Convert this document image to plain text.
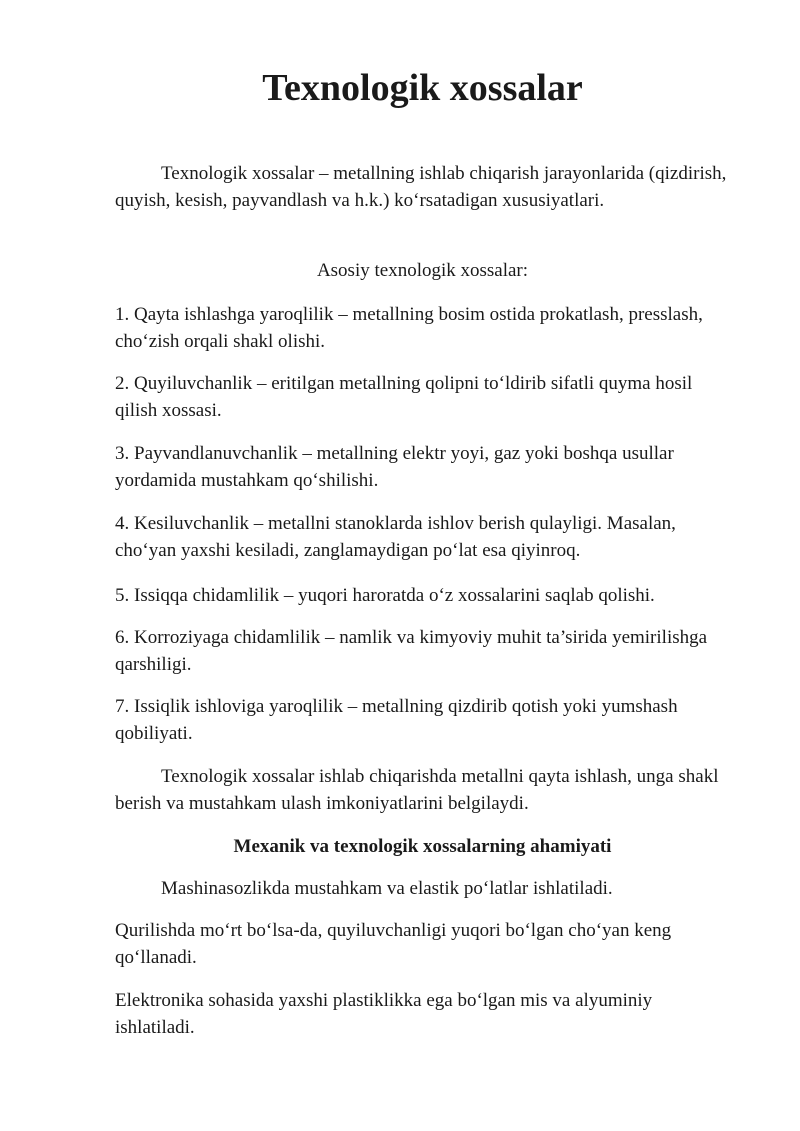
Texnologik xossalar

Texnologik xossalar – metallning ishlab chiqarish jarayonlarida (qizdirish, quyish, kesish, payvandlash va h.k.) ko‘rsatadigan xususiyatlari.

Asosiy texnologik xossalar:

1. Qayta ishlashga yaroqlilik – metallning bosim ostida prokatlash, presslash, cho‘zish orqali shakl olishi.

2. Quyiluvchanlik – eritilgan metallning qolipni to‘ldirib sifatli quyma hosil qilish xossasi.

3. Payvandlanuvchanlik – metallning elektr yoyi, gaz yoki boshqa usullar yordamida mustahkam qo‘shilishi.

4. Kesiluvchanlik – metallni stanoklarda ishlov berish qulayligi. Masalan, cho‘yan yaxshi kesiladi, zanglamaydigan po‘lat esa qiyinroq.

5. Issiqqa chidamlilik – yuqori haroratda o‘z xossalarini saqlab qolishi.

6. Korroziyaga chidamlilik – namlik va kimyoviy muhit ta’sirida yemirilishga qarshiligi.

7. Issiqlik ishloviga yaroqlilik – metallning qizdirib qotish yoki yumshash qobiliyati.

Texnologik xossalar ishlab chiqarishda metallni qayta ishlash, unga shakl berish va mustahkam ulash imkoniyatlarini belgilaydi.

Mexanik va texnologik xossalarning ahamiyati

Mashinasozlikda mustahkam va elastik po‘latlar ishlatiladi.

Qurilishda mo‘rt bo‘lsa-da, quyiluvchanligi yuqori bo‘lgan cho‘yan keng qo‘llanadi.

Elektronika sohasida yaxshi plastiklikka ega bo‘lgan mis va alyuminiy ishlatiladi.
